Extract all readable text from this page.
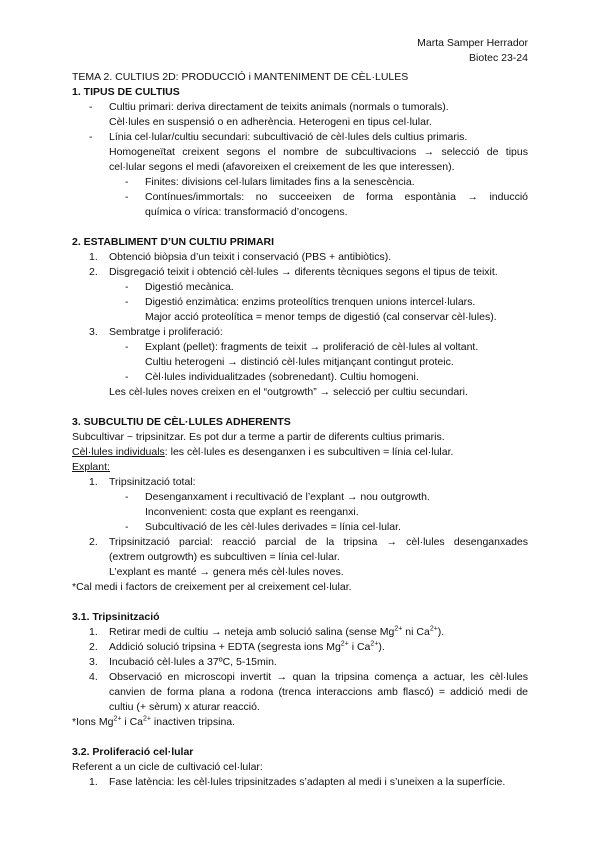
Marta Samper Herrador
Biotec 23-24
TEMA 2. CULTIUS 2D: PRODUCCIÓ i MANTENIMENT DE CÈL·LULES
1. TIPUS DE CULTIUS
- Cultiu primari: deriva directament de teixits animals (normals o tumorals).
Cèl·lules en suspensió o en adherència. Heterogeni en tipus cel·lular.
- Línia cel·lular/cultiu secundari: subcultivació de cèl·lules dels cultius primaris.
Homogeneïtat creixent segons el nombre de subcultivacions → selecció de tipus
cel·lular segons el medi (afavoreixen el creixement de les que interessen).
- Finites: divisions cel·lulars limitades fins a la senescència.
- Contínues/immortals: no succeeixen de forma espontània → inducció
química o vírica: transformació d’oncogens.
2. ESTABLIMENT D’UN CULTIU PRIMARI
1. Obtenció biòpsia d’un teixit i conservació (PBS + antibiòtics).
2. Disgregació teixit i obtenció cèl·lules → diferents tècniques segons el tipus de teixit.
- Digestió mecànica.
- Digestió enzimàtica: enzims proteolítics trenquen unions intercel·lulars.
Major acció proteolítica = menor temps de digestió (cal conservar cèl·lules).
3. Sembratge i proliferació:
- Explant (pellet): fragments de teixit → proliferació de cèl·lules al voltant.
Cultiu heterogeni → distinció cèl·lules mitjançant contingut proteic.
- Cèl·lules individualitzades (sobrenedant). Cultiu homogeni.
Les cèl·lules noves creixen en el “outgrowth” → selecció per cultiu secundari.
3. SUBCULTIU DE CÈL·LULES ADHERENTS
Subcultivar ~ tripsinitzar. Es pot dur a terme a partir de diferents cultius primaris.
Cèl·lules individuals: les cèl·lules es desenganxen i es subcultiven = línia cel·lular.
Explant:
1. Tripsinització total:
- Desenganxament i recultivació de l’explant → nou outgrowth.
Inconvenient: costa que explant es reenganxi.
- Subcultivació de les cèl·lules derivades = línia cel·lular.
2. Tripsinització parcial: reacció parcial de la tripsina → cèl·lules desenganxades
(extrem outgrowth) es subcultiven = línia cel·lular.
L’explant es manté → genera més cèl·lules noves.
*Cal medi i factors de creixement per al creixement cel·lular.
3.1. Tripsinització
1. Retirar medi de cultiu → neteja amb solució salina (sense $Mg^{2+}$ ni $Ca^{2+}$).
2. Addició solució tripsina + EDTA (segresta ions $Mg^{2+}$ i $Ca^{2+}$).
3. Incubació cèl·lules a 37ºC, 5-15min.
4. Observació en microscopi invertit → quan la tripsina comença a actuar, les cèl·lules
canvien de forma plana a rodona (trenca interaccions amb flascó) = addició medi de
cultiu (+ sèrum) x aturar reacció.
*Ions $Mg^{2+}$ i $Ca^{2+}$ inactiven tripsina.
3.2. Proliferació cel·lular
Referent a un cicle de cultivació cel·lular:
1. Fase latència: les cèl·lules tripsinitzades s’adapten al medi i s’uneixen a la superfície.
